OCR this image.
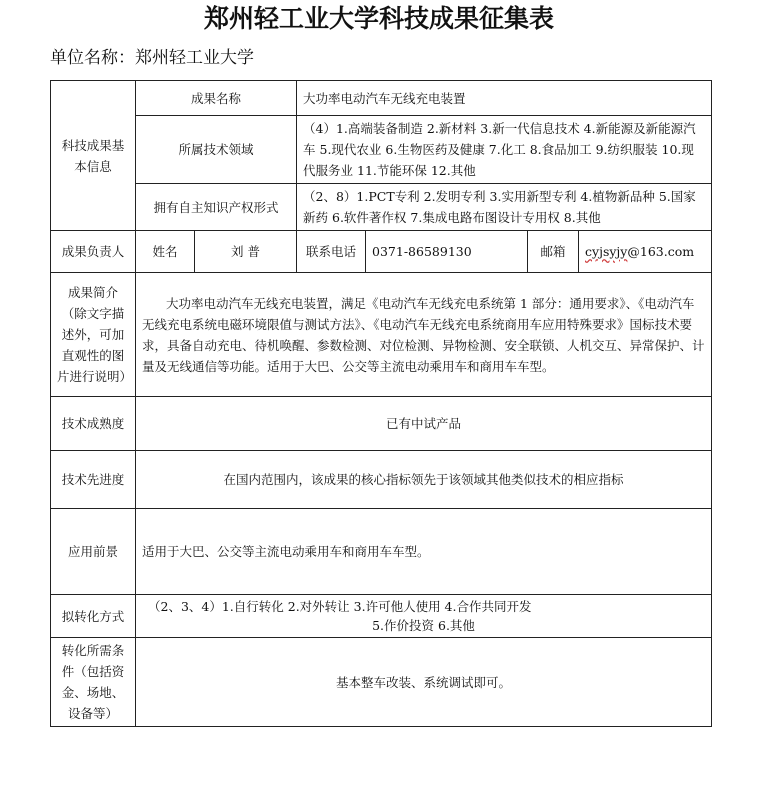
郑州轻工业大学科技成果征集表
单位名称：郑州轻工业大学
科技成果基本信息	成果名称		大功率电动汽车无线充电装置			
	所属技术领域		（4）1.高端装备制造 2.新材料 3.新一代信息技术 4.新能源及新能源汽车 5.现代农业 6.生物医药及健康 7.化工 8.食品加工 9.纺织服装 10.现代服务业 11.节能环保 12.其他			
	拥有自主知识产权形式		（2、8）1.PCT专利 2.发明专利 3.实用新型专利 4.植物新品种 5.国家新药 6.软件著作权 7.集成电路布图设计专用权 8.其他			
成果负责人	姓名	刘 普	联系电话	0371-86589130	邮箱	cyjsyjy@163.com
成果简介（除文字描述外，可加直观性的图片进行说明）	大功率电动汽车无线充电装置，满足《电动汽车无线充电系统第 1 部分：通用要求》、《电动汽车无线充电系统电磁环境限值与测试方法》、《电动汽车无线充电系统商用车应用特殊要求》国标技术要求，具备自动充电、待机唤醒、参数检测、对位检测、异物检测、安全联锁、人机交互、异常保护、计量及无线通信等功能。适用于大巴、公交等主流电动乘用车和商用车车型。					
技术成熟度	已有中试产品					
技术先进度	在国内范围内，该成果的核心指标领先于该领域其他类似技术的相应指标					
应用前景	适用于大巴、公交等主流电动乘用车和商用车车型。					
拟转化方式	（2、3、4）1.自行转化 2.对外转让 3.许可他人使用 4.合作共同开发
5.作价投资 6.其他					

转化所需条件（包括资金、场地、设备等）	基本整车改装、系统调试即可。					
